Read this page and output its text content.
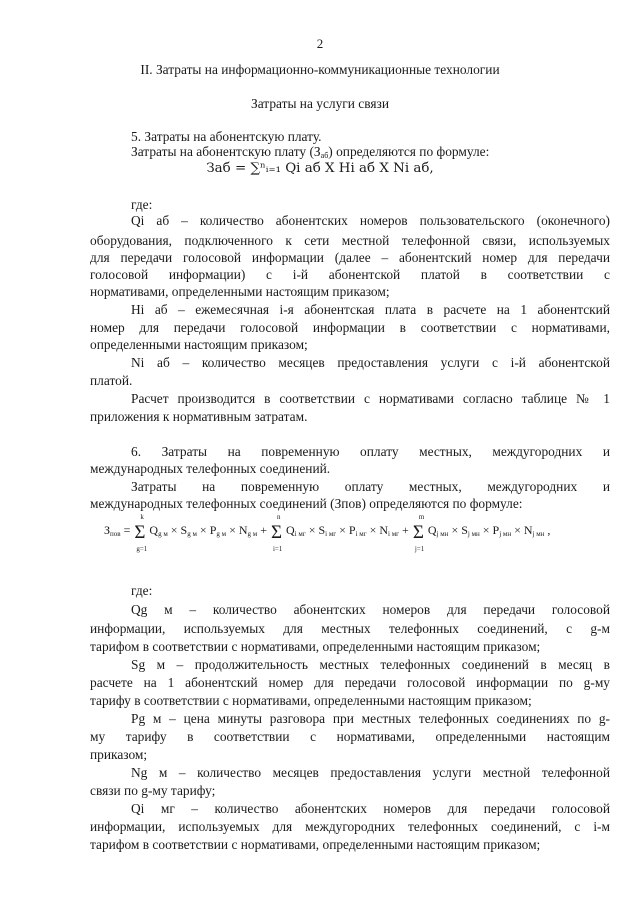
2
II. Затраты на информационно-коммуникационные технологии
Затраты на услуги связи
5. Затраты на абонентскую плату.
Затраты на абонентскую плату $(З_{аб})$ определяются по формуле:
Заб = ∑ⁿᵢ₌₁ Qi аб X Hi аб X Ni аб,
где:
Qi аб – количество абонентских номеров пользовательского (оконечного)
оборудования, подключенного к сети местной телефонной связи, используемых
для передачи голосовой информации (далее – абонентский номер для передачи
голосовой информации) с i-й абонентской платой в соответствии с
нормативами, определенными настоящим приказом;
Hi аб – ежемесячная i-я абонентская плата в расчете на 1 абонентский
номер для передачи голосовой информации в соответствии с нормативами,
определенными настоящим приказом;
Ni аб – количество месяцев предоставления услуги с i-й абонентской
платой.
Расчет производится в соответствии с нормативами согласно таблице № 1
приложения к нормативным затратам.
6. Затраты на повременную оплату местных, междугородних и
международных телефонных соединений.
Затраты на повременную оплату местных, междугородних и
международных телефонных соединений (Зпов) определяются по формуле:
Зпов = Σ
k
g=1
Qg м × Sg м × Pg м × Ng м + Σ
n
i=1
Qi мг × Si мг × Pi мг × Ni мг + Σ
m
j=1
Qj мн × Sj мн × Pj мн × Nj мн ,
где:
Qg м – количество абонентских номеров для передачи голосовой
информации, используемых для местных телефонных соединений, с g-м
тарифом в соответствии с нормативами, определенными настоящим приказом;
Sg м – продолжительность местных телефонных соединений в месяц в
расчете на 1 абонентский номер для передачи голосовой информации по g-му
тарифу в соответствии с нормативами, определенными настоящим приказом;
Pg м – цена минуты разговора при местных телефонных соединениях по g-
му тарифу в соответствии с нормативами, определенными настоящим
приказом;
Ng м – количество месяцев предоставления услуги местной телефонной
связи по g-му тарифу;
Qi мг – количество абонентских номеров для передачи голосовой
информации, используемых для междугородних телефонных соединений, с i-м
тарифом в соответствии с нормативами, определенными настоящим приказом;
